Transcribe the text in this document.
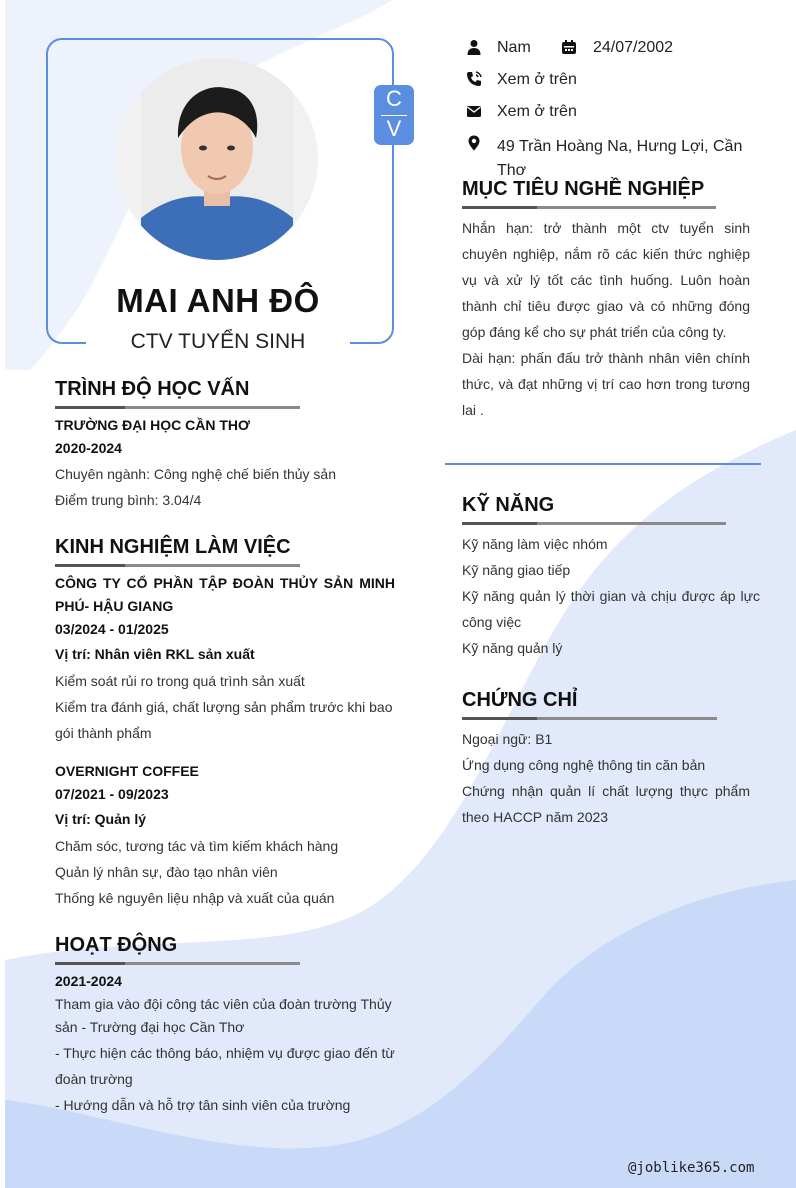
C
V
MAI ANH ĐÔ
CTV TUYỂN SINH
Nam	24/07/2002
Xem ở trên
Xem ở trên
49 Trần Hoàng Na, Hưng Lợi, Cần
Thơ
MỤC TIÊU NGHỀ NGHIỆP
Nhắn hạn: trở thành một ctv tuyển sinh chuyên nghiệp, nắm rõ các kiến thức nghiệp vụ và xử lý tốt các tình huống. Luôn hoàn thành chỉ tiêu được giao và có những đóng góp đáng kể cho sự phát triển của công ty.
Dài hạn: phấn đấu trở thành nhân viên chính thức, và đạt những vị trí cao hơn trong tương lai .
KỸ NĂNG
Kỹ năng làm việc nhóm
Kỹ năng giao tiếp
Kỹ năng quản lý thời gian và chịu được áp lực công việc
Kỹ năng quản lý
CHỨNG CHỈ
Ngoại ngữ: B1
Ứng dụng công nghệ thông tin căn bản
Chứng nhận quản lí chất lượng thực phẩm theo HACCP năm 2023
TRÌNH ĐỘ HỌC VẤN
TRƯỜNG ĐẠI HỌC CẦN THƠ
2020-2024
Chuyên ngành: Công nghệ chế biến thủy sản
Điểm trung bình: 3.04/4
KINH NGHIỆM LÀM VIỆC
CÔNG TY CỔ PHẦN TẬP ĐOÀN THỦY SẢN MINH PHÚ- HẬU GIANG
03/2024 - 01/2025
Vị trí: Nhân viên RKL sản xuất
Kiểm soát rủi ro trong quá trình sản xuất
Kiểm tra đánh giá, chất lượng sản phẩm trước khi bao gói thành phẩm
OVERNIGHT COFFEE
07/2021 - 09/2023
Vị trí: Quản lý
Chăm sóc, tương tác và tìm kiếm khách hàng
Quản lý nhân sự, đào tạo nhân viên
Thống kê nguyên liệu nhập và xuất của quán
HOẠT ĐỘNG
2021-2024
Tham gia vào đội công tác viên của đoàn trường Thủy sản - Trường đại học Cần Thơ
- Thực hiện các thông báo, nhiệm vụ được giao đến từ đoàn trường
- Hướng dẫn và hỗ trợ tân sinh viên của trường
@joblike365.com
